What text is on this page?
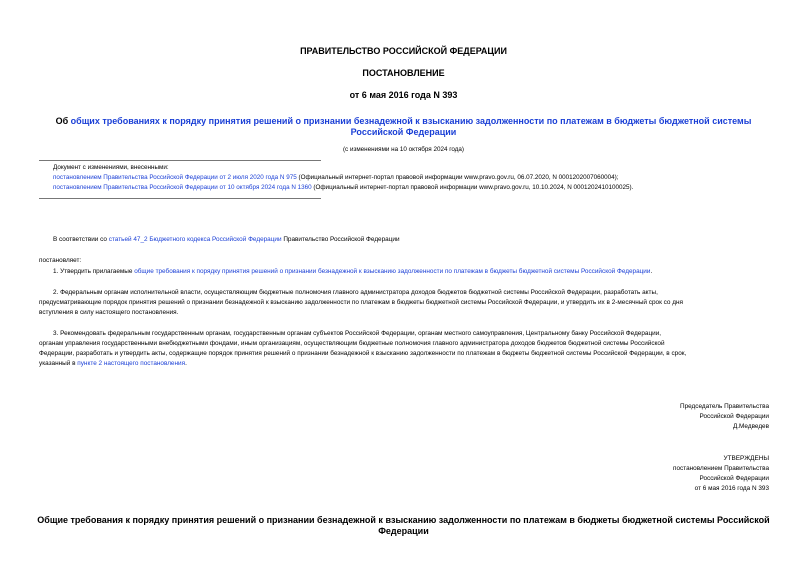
ПРАВИТЕЛЬСТВО РОССИЙСКОЙ ФЕДЕРАЦИИ
ПОСТАНОВЛЕНИЕ
от 6 мая 2016 года N 393
Об общих требованиях к порядку принятия решений о признании безнадежной к взысканию задолженности по платежам в бюджеты бюджетной системы
Российской Федерации
(с изменениями на 10 октября 2024 года)
Документ с изменениями, внесенными:
постановлением Правительства Российской Федерации от 2 июля 2020 года N 975 (Официальный интернет-портал правовой информации www.pravo.gov.ru, 06.07.2020, N 0001202007060004);
постановлением Правительства Российской Федерации от 10 октября 2024 года N 1360 (Официальный интернет-портал правовой информации www.pravo.gov.ru, 10.10.2024, N 0001202410100025).
В соответствии со статьей 47_2 Бюджетного кодекса Российской Федерации Правительство Российской Федерации
постановляет:
1. Утвердить прилагаемые общие требования к порядку принятия решений о признании безнадежной к взысканию задолженности по платежам в бюджеты бюджетной системы Российской Федерации.
2. Федеральным органам исполнительной власти, осуществляющим бюджетные полномочия главного администратора доходов бюджетов бюджетной системы Российской Федерации, разработать акты,
предусматривающие порядок принятия решений о признании безнадежной к взысканию задолженности по платежам в бюджеты бюджетной системы Российской Федерации, и утвердить их в 2-месячный срок со дня
вступления в силу настоящего постановления.
3. Рекомендовать федеральным государственным органам, государственным органам субъектов Российской Федерации, органам местного самоуправления, Центральному банку Российской Федерации,
органам управления государственными внебюджетными фондами, иным организациям, осуществляющим бюджетные полномочия главного администратора доходов бюджетов бюджетной системы Российской
Федерации, разработать и утвердить акты, содержащие порядок принятия решений о признании безнадежной к взысканию задолженности по платежам в бюджеты бюджетной системы Российской Федерации, в срок,
указанный в пункте 2 настоящего постановления.
Председатель Правительства
Российской Федерации
Д.Медведев
УТВЕРЖДЕНЫ
постановлением Правительства
Российской Федерации
от 6 мая 2016 года N 393
Общие требования к порядку принятия решений о признании безнадежной к взысканию задолженности по платежам в бюджеты бюджетной системы Российской
Федерации
